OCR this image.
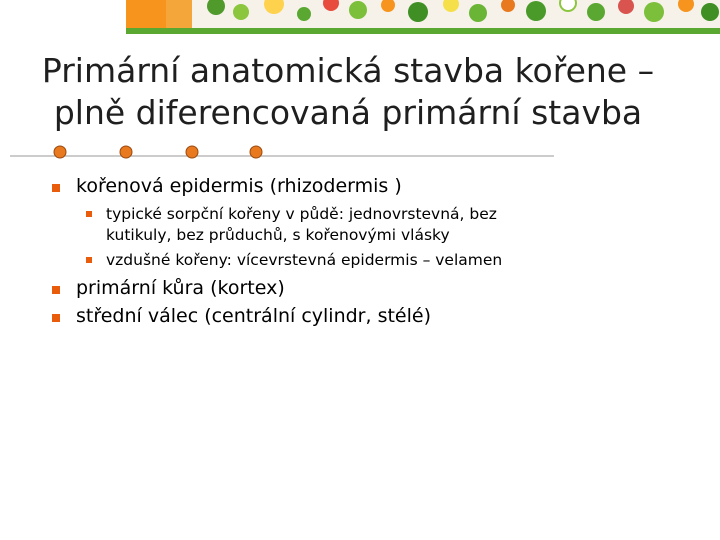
Primární anatomická stavba kořene –
plně diferencovaná primární stavba
kořenová epidermis (rhizodermis )
typické sorpční kořeny v půdě: jednovrstevná, bez
kutikuly, bez průduchů, s kořenovými vlásky
vzdušné kořeny: vícevrstevná epidermis – velamen
primární kůra (kortex)
střední válec (centrální cylindr, stélé)
